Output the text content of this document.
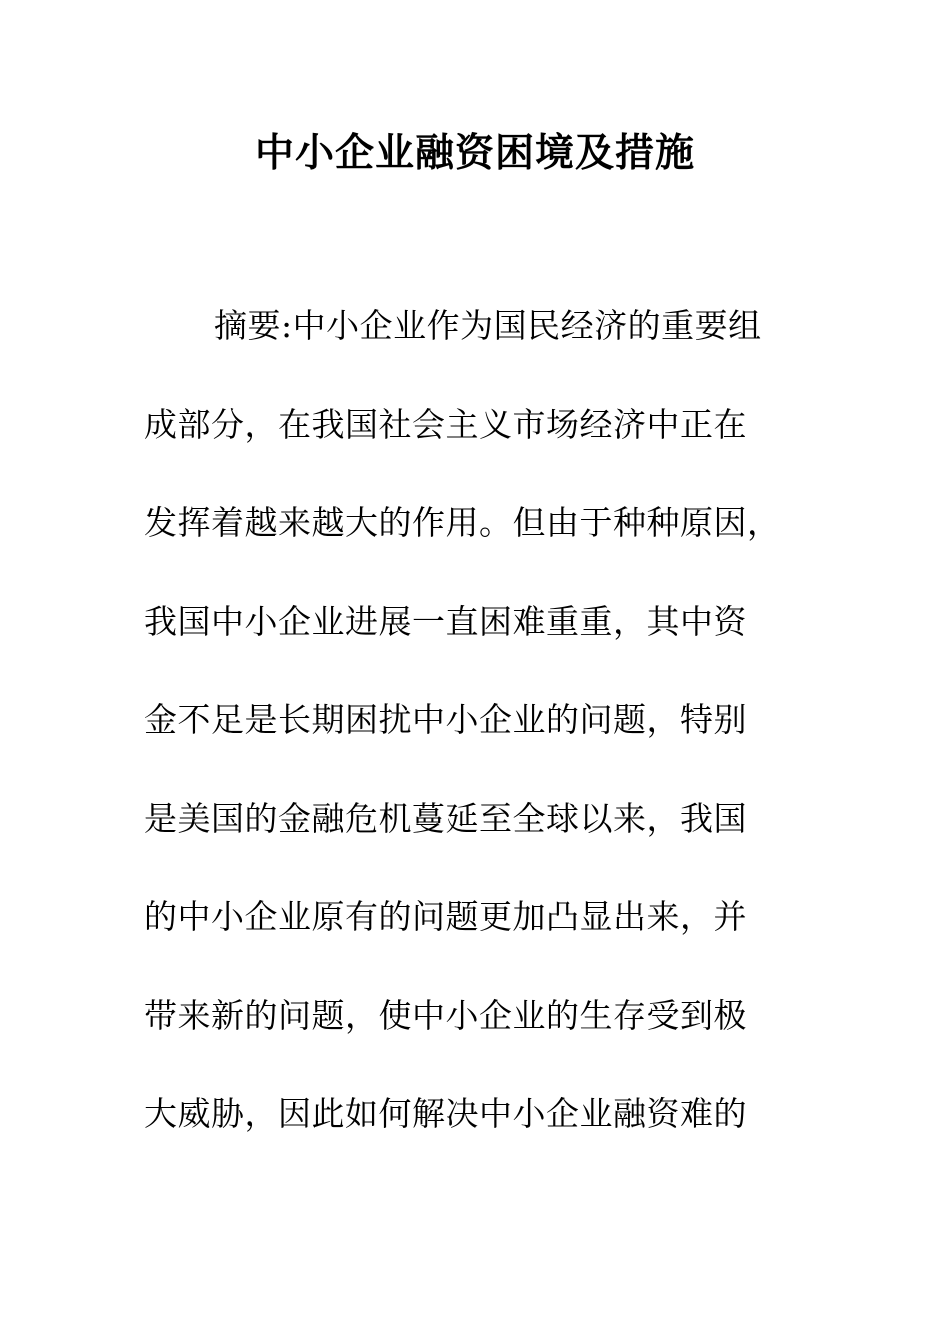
中小企业融资困境及措施
摘要:中小企业作为国民经济的重要组
成部分，在我国社会主义市场经济中正在
发挥着越来越大的作用。但由于种种原因，
我国中小企业进展一直困难重重，其中资
金不足是长期困扰中小企业的问题，特别
是美国的金融危机蔓延至全球以来，我国
的中小企业原有的问题更加凸显出来，并
带来新的问题，使中小企业的生存受到极
大威胁，因此如何解决中小企业融资难的
